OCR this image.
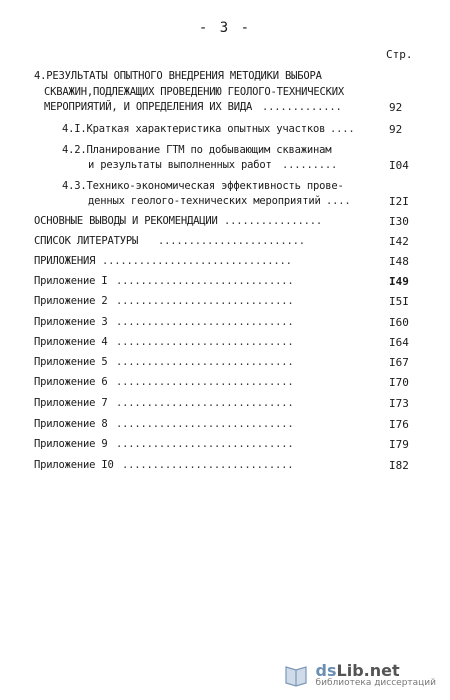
- 3 -
Стр.
4.РЕЗУЛЬТАТЫ ОПЫТНОГО ВНЕДРЕНИЯ МЕТОДИКИ ВЫБОРА
СКВАЖИН,ПОДЛЕЖАЩИХ ПРОВЕДЕНИЮ ГЕОЛОГО-ТЕХНИЧЕСКИХ
МЕРОПРИЯТИЙ, И ОПРЕДЕЛЕНИЯ ИХ ВИДА .............	92
4.I.Краткая характеристика опытных участков ....	92
4.2.Планирование ГТМ по добывающим скважинам
и результаты выполненных работ .........	I04
4.3.Технико-экономическая эффективность прове-
денных геолого-технических мероприятий ....	I2I
ОСНОВНЫЕ ВЫВОДЫ И РЕКОМЕНДАЦИИ ................	I30
СПИСОК ЛИТЕРАТУРЫ ........................	I42
ПРИЛОЖЕНИЯ ...............................	I48
Приложение I .............................	I49
Приложение 2 .............................	I5I
Приложение 3 .............................	I60
Приложение 4 .............................	I64
Приложение 5 .............................	I67
Приложение 6 .............................	I70
Приложение 7 .............................	I73
Приложение 8 .............................	I76
Приложение 9 .............................	I79
Приложение I0 ............................	I82
dsLib.net
библиотека диссертаций
